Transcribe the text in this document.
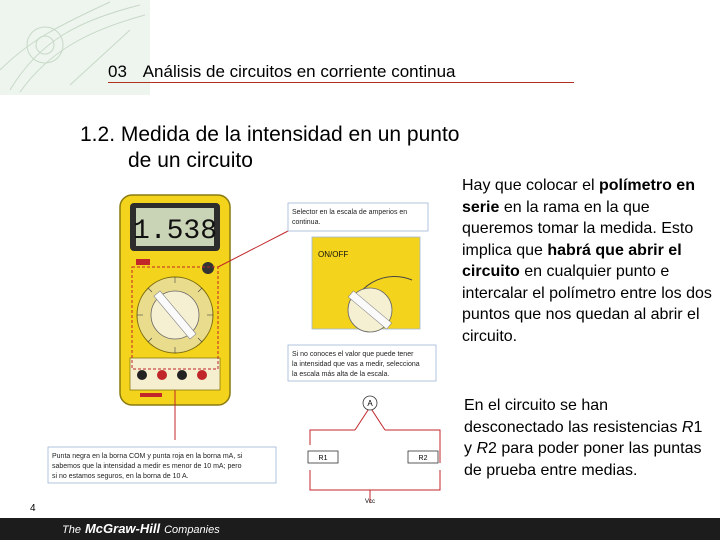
03 Análisis de circuitos en corriente continua
1.2. Medida de la intensidad en un punto
de un circuito
Hay que colocar el polímetro en serie en la rama en la que queremos tomar la medida. Esto implica que habrá que abrir el circuito en cualquier punto e intercalar el polímetro entre los dos puntos que nos quedan al abrir el circuito.
En el circuito se han desconectado las resistencias R1 y R2 para poder poner las puntas de prueba entre medias.
1.538
Selector en la escala de amperios en
continua.
ON/OFF
Si no conoces el valor que puede tener
la intensidad que vas a medir, selecciona
la escala más alta de la escala.
Punta negra en la borna COM y punta roja en la borna mA, si
sabemos que la intensidad a medir es menor de 10 mA; pero
si no estamos seguros, en la borna de 10 A.
R1	R2
A
Vcc
4
The McGraw-Hill Companies
